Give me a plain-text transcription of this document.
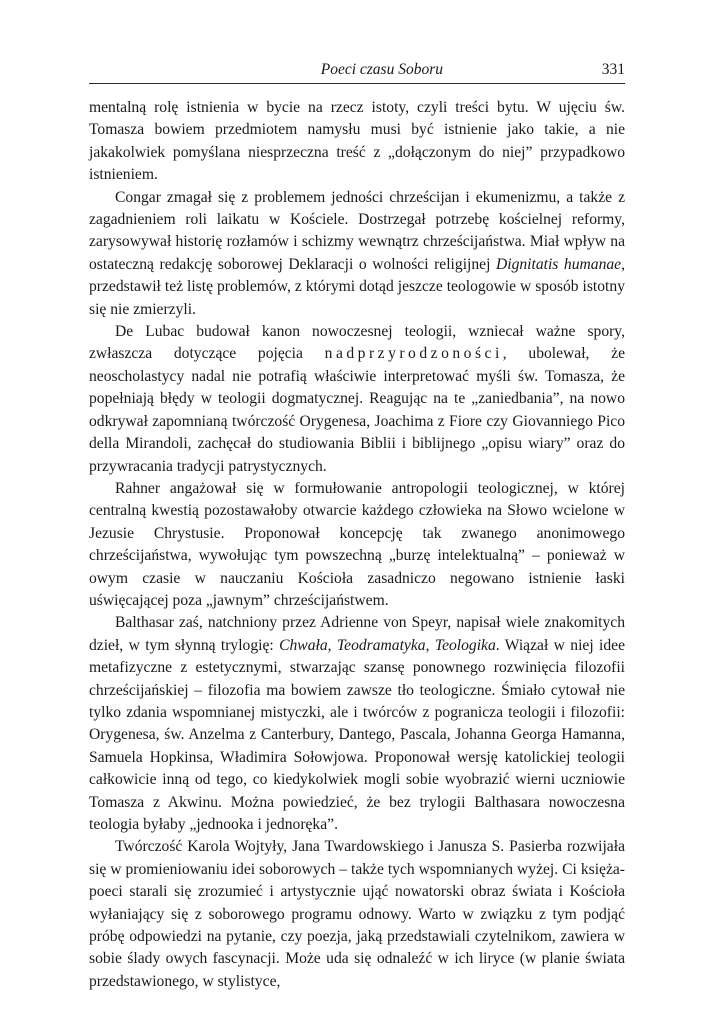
Poeci czasu Soboru	331

mentalną rolę istnienia w bycie na rzecz istoty, czyli treści bytu. W ujęciu św. Tomasza bowiem przedmiotem namysłu musi być istnienie jako takie, a nie jakakolwiek pomyślana niesprzeczna treść z „dołączonym do niej” przypadkowo istnieniem.

Congar zmagał się z problemem jedności chrześcijan i ekumenizmu, a także z zagadnieniem roli laikatu w Kościele. Dostrzegał potrzebę kościelnej reformy, zarysowywał historię rozłamów i schizmy wewnątrz chrześcijaństwa. Miał wpływ na ostateczną redakcję soborowej Deklaracji o wolności religijnej Dignitatis humanae, przedstawił też listę problemów, z którymi dotąd jeszcze teologowie w sposób istotny się nie zmierzyli.

De Lubac budował kanon nowoczesnej teologii, wzniecał ważne spory, zwłaszcza dotyczące pojęcia nadprzyrodzoności, ubolewał, że neoscholastycy nadal nie potrafią właściwie interpretować myśli św. Tomasza, że popełniają błędy w teologii dogmatycznej. Reagując na te „zaniedbania”, na nowo odkrywał zapomnianą twórczość Orygenesa, Joachima z Fiore czy Giovanniego Pico della Mirandoli, zachęcał do studiowania Biblii i biblijnego „opisu wiary” oraz do przywracania tradycji patrystycznych.

Rahner angażował się w formułowanie antropologii teologicznej, w której centralną kwestią pozostawałoby otwarcie każdego człowieka na Słowo wcielone w Jezusie Chrystusie. Proponował koncepcję tak zwanego anonimowego chrześcijaństwa, wywołując tym powszechną „burzę intelektualną” – ponieważ w owym czasie w nauczaniu Kościoła zasadniczo negowano istnienie łaski uświęcającej poza „jawnym” chrześcijaństwem.

Balthasar zaś, natchniony przez Adrienne von Speyr, napisał wiele znakomitych dzieł, w tym słynną trylogię: Chwała, Teodramatyka, Teologika. Wiązał w niej idee metafizyczne z estetycznymi, stwarzając szansę ponownego rozwinięcia filozofii chrześcijańskiej – filozofia ma bowiem zawsze tło teologiczne. Śmiało cytował nie tylko zdania wspomnianej mistyczki, ale i twórców z pogranicza teologii i filozofii: Orygenesa, św. Anzelma z Canterbury, Dantego, Pascala, Johanna Georga Hamanna, Samuela Hopkinsa, Władimira Sołowjowa. Proponował wersję katolickiej teologii całkowicie inną od tego, co kiedykolwiek mogli sobie wyobrazić wierni uczniowie Tomasza z Akwinu. Można powiedzieć, że bez trylogii Balthasara nowoczesna teologia byłaby „jednooka i jednoręka”.

Twórczość Karola Wojtyły, Jana Twardowskiego i Janusza S. Pasierba rozwijała się w promieniowaniu idei soborowych – także tych wspomnianych wyżej. Ci księża-poeci starali się zrozumieć i artystycznie ująć nowatorski obraz świata i Kościoła wyłaniający się z soborowego programu odnowy. Warto w związku z tym podjąć próbę odpowiedzi na pytanie, czy poezja, jaką przedstawiali czytelnikom, zawiera w sobie ślady owych fascynacji. Może uda się odnaleźć w ich liryce (w planie świata przedstawionego, w stylistyce,
